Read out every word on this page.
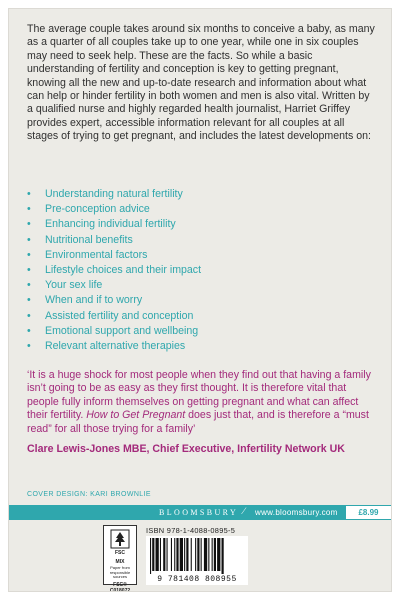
The average couple takes around six months to conceive a baby, as many as a quarter of all couples take up to one year, while one in six couples may need to seek help. These are the facts. So while a basic understanding of fertility and conception is key to getting pregnant, knowing all the new and up-to-date research and information about what can help or hinder fertility in both women and men is also vital. Written by a qualified nurse and highly regarded health journalist, Harriet Griffey provides expert, accessible information relevant for all couples at all stages of trying to get pregnant, and includes the latest developments on:

• Understanding natural fertility
• Pre-conception advice
• Enhancing individual fertility
• Nutritional benefits
• Environmental factors
• Lifestyle choices and their impact
• Your sex life
• When and if to worry
• Assisted fertility and conception
• Emotional support and wellbeing
• Relevant alternative therapies

‘It is a huge shock for most people when they find out that having a family isn’t going to be as easy as they first thought. It is therefore vital that people fully inform themselves on getting pregnant and what can affect their fertility. How to Get Pregnant does just that, and is therefore a “must read” for all those trying for a family’

Clare Lewis-Jones MBE, Chief Executive, Infertility Network UK

COVER DESIGN: KARI BROWNLIE

BLOOMSBURY ∕ www.bloomsbury.com	£8.99
FSC
MIX
Paper from responsible sources
FSC® C018072

ISBN 978-1-4088-0895-5

9 781408 808955
